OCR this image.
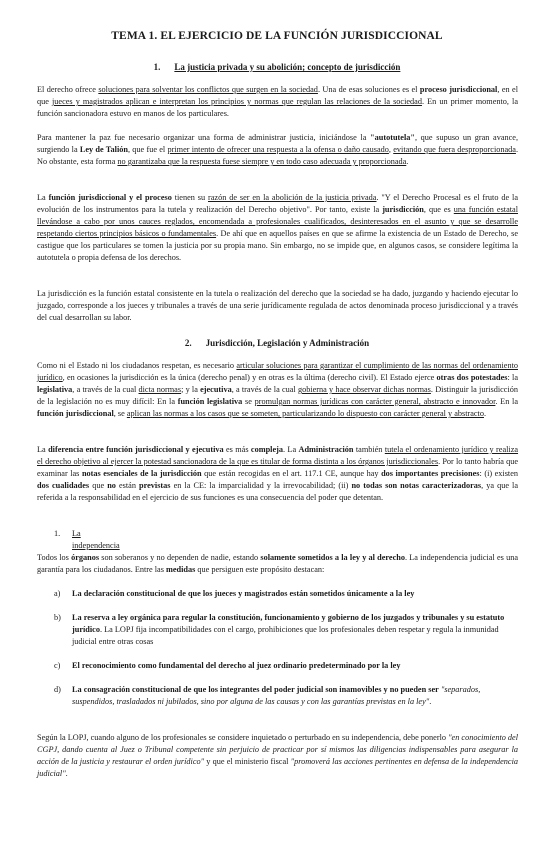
TEMA 1. EL EJERCICIO DE LA FUNCIÓN JURISDICCIONAL
1. La justicia privada y su abolición; concepto de jurisdicción
El derecho ofrece soluciones para solventar los conflictos que surgen en la sociedad. Una de esas soluciones es el proceso jurisdiccional, en el que jueces y magistrados aplican e interpretan los principios y normas que regulan las relaciones de la sociedad. En un primer momento, la función sancionadora estuvo en manos de los particulares.
Para mantener la paz fue necesario organizar una forma de administrar justicia, iniciándose la "autotutela", que supuso un gran avance, surgiendo la Ley de Talión, que fue el primer intento de ofrecer una respuesta a la ofensa o daño causado, evitando que fuera desproporcionada. No obstante, esta forma no garantizaba que la respuesta fuese siempre y en todo caso adecuada y proporcionada.
La función jurisdiccional y el proceso tienen su razón de ser en la abolición de la justicia privada. "Y el Derecho Procesal es el fruto de la evolución de los instrumentos para la tutela y realización del Derecho objetivo". Por tanto, existe la jurisdicción, que es una función estatal llevándose a cabo por unos cauces reglados, encomendada a profesionales cualificados, desinteresados en el asunto y que se desarrolle respetando ciertos principios básicos o fundamentales. De ahí que en aquellos países en que se afirme la existencia de un Estado de Derecho, se castigue que los particulares se tomen la justicia por su propia mano. Sin embargo, no se impide que, en algunos casos, se considere legítima la autotutela o propia defensa de los derechos.
La jurisdicción es la función estatal consistente en la tutela o realización del derecho que la sociedad se ha dado, juzgando y haciendo ejecutar lo juzgado, corresponde a los jueces y tribunales a través de una serie jurídicamente regulada de actos denominada proceso jurisdiccional y a través del cual desarrollan su labor.
2. Jurisdicción, Legislación y Administración
Como ni el Estado ni los ciudadanos respetan, es necesario articular soluciones para garantizar el cumplimiento de las normas del ordenamiento jurídico, en ocasiones la jurisdicción es la única (derecho penal) y en otras es la última (derecho civil). El Estado ejerce otras dos potestades: la legislativa, a través de la cual dicta normas; y la ejecutiva, a través de la cual gobierna y hace observar dichas normas. Distinguir la jurisdicción de la legislación no es muy difícil: En la función legislativa se promulgan normas jurídicas con carácter general, abstracto e innovador. En la función jurisdiccional, se aplican las normas a los casos que se someten, particularizando lo dispuesto con carácter general y abstracto.
La diferencia entre función jurisdiccional y ejecutiva es más compleja. La Administración también tutela el ordenamiento jurídico y realiza el derecho objetivo al ejercer la potestad sancionadora de la que es titular de forma distinta a los órganos jurisdiccionales. Por lo tanto habría que examinar las notas esenciales de la jurisdicción que están recogidas en el art. 117.1 CE, aunque hay dos importantes precisiones: (i) existen dos cualidades que no están previstas en la CE: la imparcialidad y la irrevocabilidad; (ii) no todas son notas caracterizadoras, ya que la referida a la responsabilidad en el ejercicio de sus funciones es una consecuencia del poder que detentan.
1.	La independencia
Todos los órganos son soberanos y no dependen de nadie, estando solamente sometidos a la ley y al derecho. La independencia judicial es una garantía para los ciudadanos. Entre las medidas que persiguen este propósito destacan:
a) La declaración constitucional de que los jueces y magistrados están sometidos únicamente a la ley
b) La reserva a ley orgánica para regular la constitución, funcionamiento y gobierno de los juzgados y tribunales y su estatuto jurídico. La LOPJ fija incompatibilidades con el cargo, prohibiciones que los profesionales deben respetar y regula la inmunidad judicial entre otras cosas
c) El reconocimiento como fundamental del derecho al juez ordinario predeterminado por la ley
d) La consagración constitucional de que los integrantes del poder judicial son inamovibles y no pueden ser "separados, suspendidos, trasladados ni jubilados, sino por alguna de las causas y con las garantías previstas en la ley".
Según la LOPJ, cuando alguno de los profesionales se considere inquietado o perturbado en su independencia, debe ponerlo "en conocimiento del CGPJ, dando cuenta al Juez o Tribunal competente sin perjuicio de practicar por sí mismos las diligencias indispensables para asegurar la acción de la justicia y restaurar el orden jurídico" y que el ministerio fiscal "promoverá las acciones pertinentes en defensa de la independencia judicial".
